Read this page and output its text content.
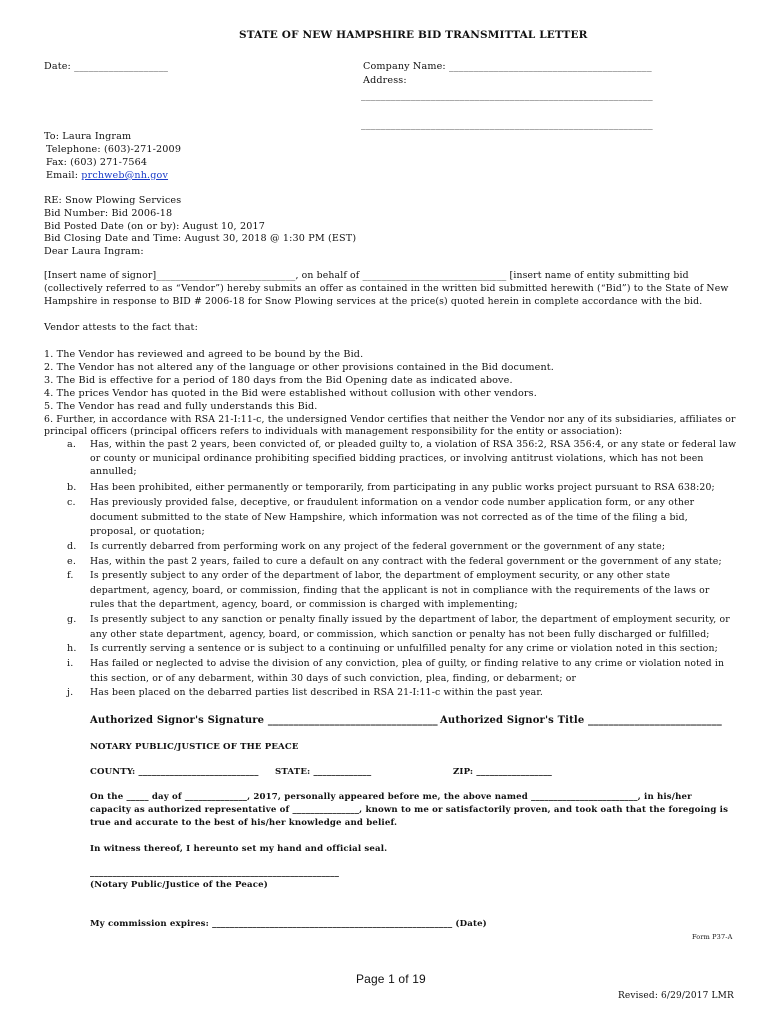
STATE OF NEW HAMPSHIRE BID TRANSMITTAL LETTER
Date: ___________________	Company Name: _________________________________________
Address:
___________________________________________________________
___________________________________________________________
To: Laura Ingram
Telephone: (603)-271-2009
Fax: (603) 271-7564
Email: prchweb@nh.gov
RE: Snow Plowing Services
Bid Number: Bid 2006-18
Bid Posted Date (on or by): August 10, 2017
Bid Closing Date and Time: August 30, 2018 @ 1:30 PM (EST)
Dear Laura Ingram:
[Insert name of signor]_____________________________, on behalf of ______________________________ [insert name of entity submitting bid
(collectively referred to as “Vendor”) hereby submits an offer as contained in the written bid submitted herewith (“Bid”) to the State of New
Hampshire in response to BID # 2006-18 for Snow Plowing services at the price(s) quoted herein in complete accordance with the bid.
Vendor attests to the fact that:
1. The Vendor has reviewed and agreed to be bound by the Bid.
2. The Vendor has not altered any of the language or other provisions contained in the Bid document.
3. The Bid is effective for a period of 180 days from the Bid Opening date as indicated above.
4. The prices Vendor has quoted in the Bid were established without collusion with other vendors.
5. The Vendor has read and fully understands this Bid.
6. Further, in accordance with RSA 21-I:11-c, the undersigned Vendor certifies that neither the Vendor nor any of its subsidiaries, affiliates or
principal officers (principal officers refers to individuals with management responsibility for the entity or association):
a. Has, within the past 2 years, been convicted of, or pleaded guilty to, a violation of RSA 356:2, RSA 356:4, or any state or federal law
or county or municipal ordinance prohibiting specified bidding practices, or involving antitrust violations, which has not been
annulled;
b. Has been prohibited, either permanently or temporarily, from participating in any public works project pursuant to RSA 638:20;
c. Has previously provided false, deceptive, or fraudulent information on a vendor code number application form, or any other
document submitted to the state of New Hampshire, which information was not corrected as of the time of the filing a bid,
proposal, or quotation;
d. Is currently debarred from performing work on any project of the federal government or the government of any state;
e. Has, within the past 2 years, failed to cure a default on any contract with the federal government or the government of any state;
f. Is presently subject to any order of the department of labor, the department of employment security, or any other state
department, agency, board, or commission, finding that the applicant is not in compliance with the requirements of the laws or
rules that the department, agency, board, or commission is charged with implementing;
g. Is presently subject to any sanction or penalty finally issued by the department of labor, the department of employment security, or
any other state department, agency, board, or commission, which sanction or penalty has not been fully discharged or fulfilled;
h. Is currently serving a sentence or is subject to a continuing or unfulfilled penalty for any crime or violation noted in this section;
i. Has failed or neglected to advise the division of any conviction, plea of guilty, or finding relative to any crime or violation noted in
this section, or of any debarment, within 30 days of such conviction, plea, finding, or debarment; or
j. Has been placed on the debarred parties list described in RSA 21-I:11-c within the past year.
Authorized Signor's Signature _________________________________ Authorized Signor's Title __________________________
NOTARY PUBLIC/JUSTICE OF THE PEACE
COUNTY: ___________________________ STATE: _____________	ZIP: _________________
On the _____ day of ______________, 2017, personally appeared before me, the above named ________________________, in his/her
capacity as authorized representative of _______________, known to me or satisfactorily proven, and took oath that the foregoing is
true and accurate to the best of his/her knowledge and belief.
In witness thereof, I hereunto set my hand and official seal.
________________________________________________________
(Notary Public/Justice of the Peace)
My commission expires: ______________________________________________________ (Date)
Form P37-A
Page 1 of 19
Revised: 6/29/2017 LMR
